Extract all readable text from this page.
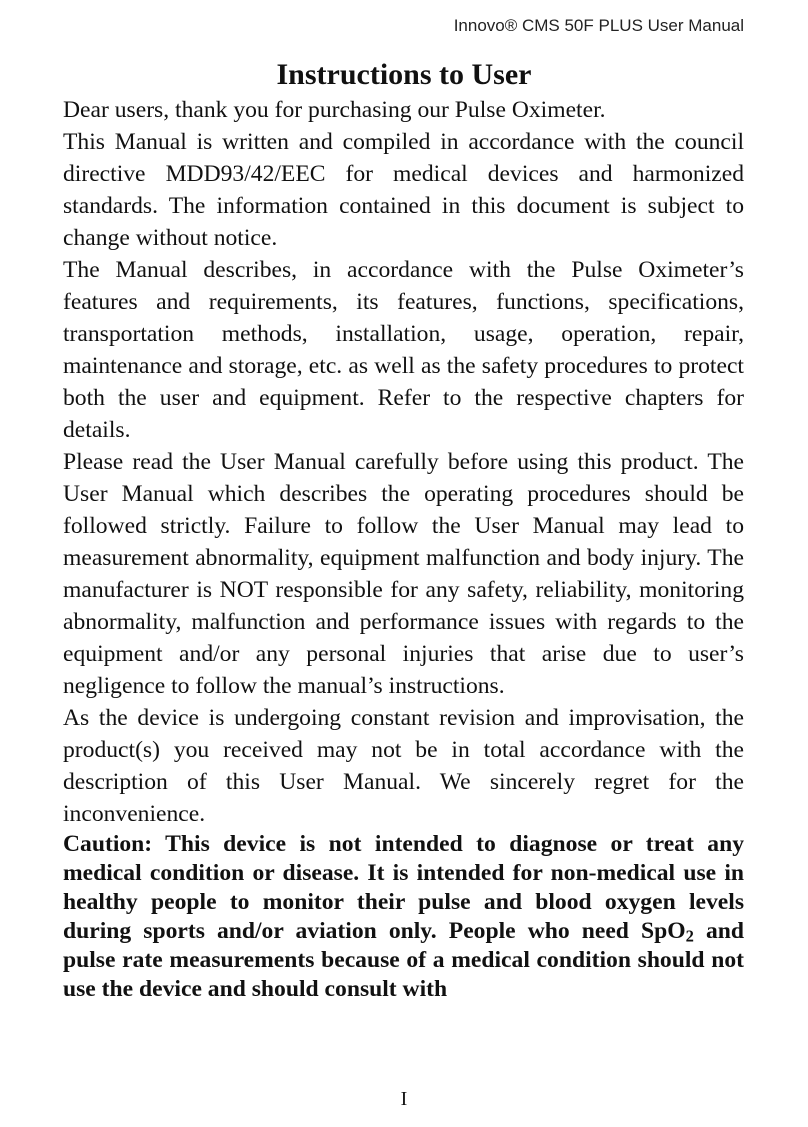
Innovo® CMS 50F PLUS User Manual
Instructions to User

Dear users, thank you for purchasing our Pulse Oximeter.

This Manual is written and compiled in accordance with the council directive MDD93/42/EEC for medical devices and harmonized standards. The information contained in this document is subject to change without notice.

The Manual describes, in accordance with the Pulse Oximeter’s features and requirements, its features, functions, specifications, transportation methods, installation, usage, operation, repair, maintenance and storage, etc. as well as the safety procedures to protect both the user and equipment. Refer to the respective chapters for details.

Please read the User Manual carefully before using this product. The User Manual which describes the operating procedures should be followed strictly. Failure to follow the User Manual may lead to measurement abnormality, equipment malfunction and body injury. The manufacturer is NOT responsible for any safety, reliability, monitoring abnormality, malfunction and performance issues with regards to the equipment and/or any personal injuries that arise due to user’s negligence to follow the manual’s instructions.

As the device is undergoing constant revision and improvisation, the product(s) you received may not be in total accordance with the description of this User Manual. We sincerely regret for the inconvenience.

Caution: This device is not intended to diagnose or treat any medical condition or disease. It is intended for non-medical use in healthy people to monitor their pulse and blood oxygen levels during sports and/or aviation only. People who need SpO$_2$ and pulse rate measurements because of a medical condition should not use the device and should consult with

I
